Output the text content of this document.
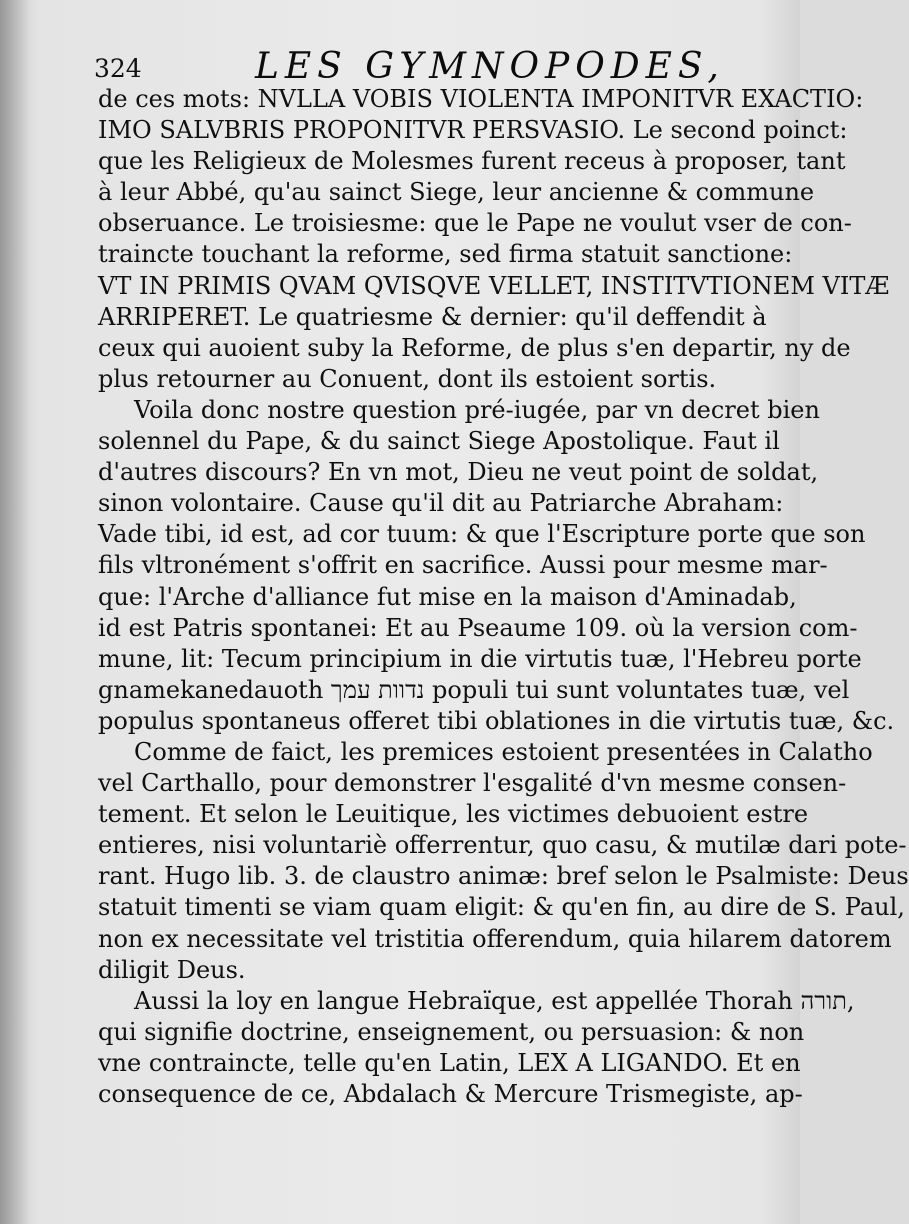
324	LES GYMNOPODES,
de ces mots: NVLLA VOBIS VIOLENTA IMPONITVR EXACTIO:
IMO SALVBRIS PROPONITVR PERSVASIO. Le second poinct:
que les Religieux de Molesmes furent receus à proposer, tant
à leur Abbé, qu'au sainct Siege, leur ancienne & commune
obseruance. Le troisiesme: que le Pape ne voulut vser de con-
trainctе touchant la reforme, sed firma statuit sanctione:
VT IN PRIMIS QVAM QVISQVE VELLET, INSTITVTIONEM VITÆ
ARRIPERET. Le quatriesme & dernier: qu'il deffendit à
ceux qui auoient suby la Reforme, de plus s'en departir, ny de
plus retourner au Conuent, dont ils estoient sortis.
Voila donc nostre question pré-iugée, par vn decret bien
solennel du Pape, & du sainct Siege Apostolique. Faut il
d'autres discours? En vn mot, Dieu ne veut point de soldat,
sinon volontaire. Cause qu'il dit au Patriarche Abraham:
Vade tibi, id est, ad cor tuum: & que l'Escripture porte que son
fils vltronément s'offrit en sacrifice. Aussi pour mesme mar-
que: l'Arche d'alliance fut mise en la maison d'Aminadab,
id est Patris spontanei: Et au Pseaume 109. où la version com-
mune, lit: Tecum principium in die virtutis tuæ, l'Hebreu porte
gnamekanedauoth נדוות עמך populi tui sunt voluntates tuæ, vel
populus spontaneus offeret tibi oblationes in die virtutis tuæ, &c.
Comme de faict, les premices estoient presentées in Calatho
vel Carthallo, pour demonstrer l'esgalité d'vn mesme consen-
tement. Et selon le Leuitique, les victimes debuoient estre
entieres, nisi voluntariè offerrentur, quo casu, & mutilæ dari pote-
rant. Hugo lib. 3. de claustro animæ: bref selon le Psalmiste: Deus
statuit timenti se viam quam eligit: & qu'en fin, au dire de S. Paul,
non ex necessitate vel tristitia offerendum, quia hilarem datorem
diligit Deus.
Aussi la loy en langue Hebraïque, est appellée Thorah תורה,
qui signifie doctrine, enseignement, ou persuasion: & non
vne contraincte, telle qu'en Latin, LEX A LIGANDO. Et en
consequence de ce, Abdalach & Mercure Trismegiste, ap-
